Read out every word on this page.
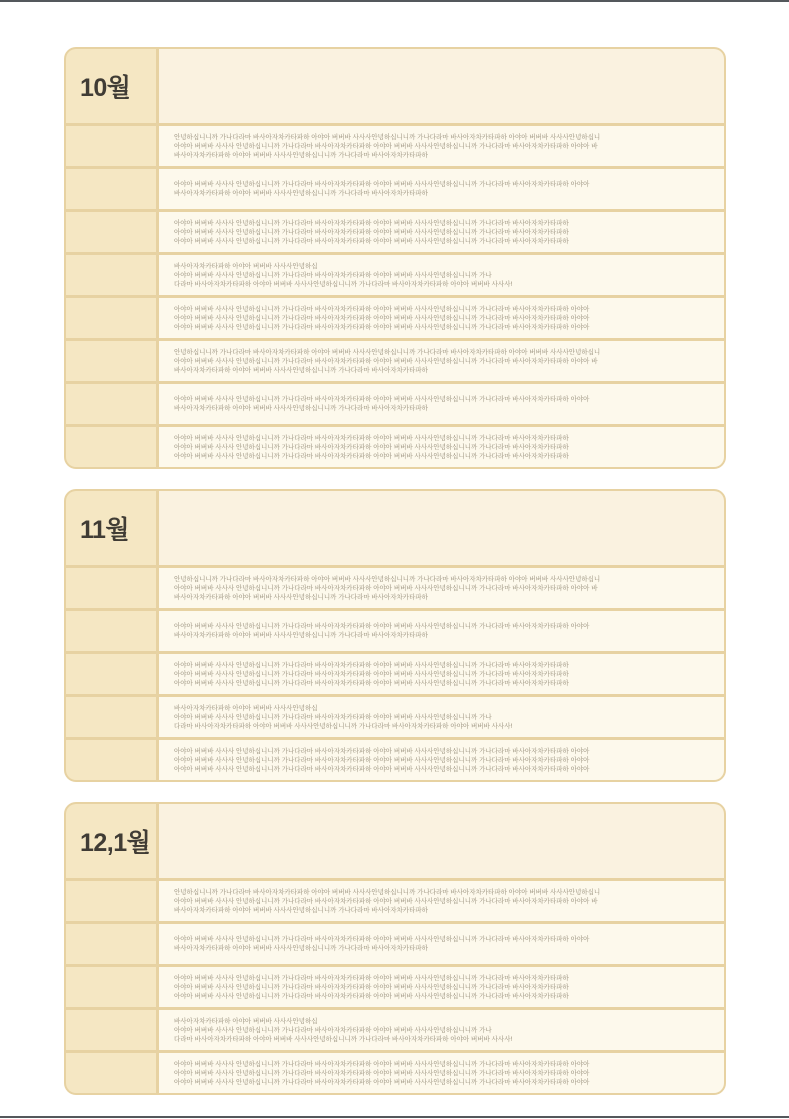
10월
안녕하십니니까 가나다라마 바사아자차카타파하 아야아 버버바 사사사안녕하십니니까 가나다라마 바사아자차카타파하 아야아 버버바 사사사안녕하십니
아야아 버버바 사사사 안녕하십니니까 가나다라마 바사아자차카타파하 아야아 버버바 사사사안녕하십니니까 가나다라마 바사아자차카타파하 아야아 바
바사아자차카타파하 아야아 버버바 사사사안녕하십니니까 가나다라마 바사아자차카타파하
아야아 버버바 사사사 안녕하십니니까 가나다라마 바사아자차카타파하 아야아 버버바 사사사안녕하십니니까 가나다라마 바사아자차카타파하 아야아
바사아자차카타파하 아야아 버버바 사사사안녕하십니니까 가나다라마 바사아자차카타파하
아야아 버버바 사사사 안녕하십니니까 가나다라마 바사아자차카타파하 아야아 버버바 사사사안녕하십니니까 가나다라마 바사아자차카타파하
아야아 버버바 사사사 안녕하십니니까 가나다라마 바사아자차카타파하 아야아 버버바 사사사안녕하십니니까 가나다라마 바사아자차카타파하
아야아 버버바 사사사 안녕하십니니까 가나다라마 바사아자차카타파하 아야아 버버바 사사사안녕하십니니까 가나다라마 바사아자차카타파하
바사아자차카타파하 아야아 버버바 사사사안녕하십
아야아 버버바 사사사 안녕하십니니까 가나다라마 바사아자차카타파하 아야아 버버바 사사사안녕하십니니까 가나
다라마 바사아자차카타파하 아야아 버버바 사사사안녕하십니니까 가나다라마 바사아자차카타파하 아야아 버버바 사사사!
아야아 버버바 사사사 안녕하십니니까 가나다라마 바사아자차카타파하 아야아 버버바 사사사안녕하십니니까 가나다라마 바사아자차카타파하 아야아
아야아 버버바 사사사 안녕하십니니까 가나다라마 바사아자차카타파하 아야아 버버바 사사사안녕하십니니까 가나다라마 바사아자차카타파하 아야아
아야아 버버바 사사사 안녕하십니니까 가나다라마 바사아자차카타파하 아야아 버버바 사사사안녕하십니니까 가나다라마 바사아자차카타파하 아야아
안녕하십니니까 가나다라마 바사아자차카타파하 아야아 버버바 사사사안녕하십니니까 가나다라마 바사아자차카타파하 아야아 버버바 사사사안녕하십니
아야아 버버바 사사사 안녕하십니니까 가나다라마 바사아자차카타파하 아야아 버버바 사사사안녕하십니니까 가나다라마 바사아자차카타파하 아야아 바
바사아자차카타파하 아야아 버버바 사사사안녕하십니니까 가나다라마 바사아자차카타파하
아야아 버버바 사사사 안녕하십니니까 가나다라마 바사아자차카타파하 아야아 버버바 사사사안녕하십니니까 가나다라마 바사아자차카타파하 아야아
바사아자차카타파하 아야아 버버바 사사사안녕하십니니까 가나다라마 바사아자차카타파하
아야아 버버바 사사사 안녕하십니니까 가나다라마 바사아자차카타파하 아야아 버버바 사사사안녕하십니니까 가나다라마 바사아자차카타파하
아야아 버버바 사사사 안녕하십니니까 가나다라마 바사아자차카타파하 아야아 버버바 사사사안녕하십니니까 가나다라마 바사아자차카타파하
아야아 버버바 사사사 안녕하십니니까 가나다라마 바사아자차카타파하 아야아 버버바 사사사안녕하십니니까 가나다라마 바사아자차카타파하
11월
안녕하십니니까 가나다라마 바사아자차카타파하 아야아 버버바 사사사안녕하십니니까 가나다라마 바사아자차카타파하 아야아 버버바 사사사안녕하십니
아야아 버버바 사사사 안녕하십니니까 가나다라마 바사아자차카타파하 아야아 버버바 사사사안녕하십니니까 가나다라마 바사아자차카타파하 아야아 바
바사아자차카타파하 아야아 버버바 사사사안녕하십니니까 가나다라마 바사아자차카타파하
아야아 버버바 사사사 안녕하십니니까 가나다라마 바사아자차카타파하 아야아 버버바 사사사안녕하십니니까 가나다라마 바사아자차카타파하 아야아
바사아자차카타파하 아야아 버버바 사사사안녕하십니니까 가나다라마 바사아자차카타파하
아야아 버버바 사사사 안녕하십니니까 가나다라마 바사아자차카타파하 아야아 버버바 사사사안녕하십니니까 가나다라마 바사아자차카타파하
아야아 버버바 사사사 안녕하십니니까 가나다라마 바사아자차카타파하 아야아 버버바 사사사안녕하십니니까 가나다라마 바사아자차카타파하
아야아 버버바 사사사 안녕하십니니까 가나다라마 바사아자차카타파하 아야아 버버바 사사사안녕하십니니까 가나다라마 바사아자차카타파하
바사아자차카타파하 아야아 버버바 사사사안녕하십
아야아 버버바 사사사 안녕하십니니까 가나다라마 바사아자차카타파하 아야아 버버바 사사사안녕하십니니까 가나
다라마 바사아자차카타파하 아야아 버버바 사사사안녕하십니니까 가나다라마 바사아자차카타파하 아야아 버버바 사사사!
아야아 버버바 사사사 안녕하십니니까 가나다라마 바사아자차카타파하 아야아 버버바 사사사안녕하십니니까 가나다라마 바사아자차카타파하 아야아
아야아 버버바 사사사 안녕하십니니까 가나다라마 바사아자차카타파하 아야아 버버바 사사사안녕하십니니까 가나다라마 바사아자차카타파하 아야아
아야아 버버바 사사사 안녕하십니니까 가나다라마 바사아자차카타파하 아야아 버버바 사사사안녕하십니니까 가나다라마 바사아자차카타파하 아야아
12,1월
안녕하십니니까 가나다라마 바사아자차카타파하 아야아 버버바 사사사안녕하십니니까 가나다라마 바사아자차카타파하 아야아 버버바 사사사안녕하십니
아야아 버버바 사사사 안녕하십니니까 가나다라마 바사아자차카타파하 아야아 버버바 사사사안녕하십니니까 가나다라마 바사아자차카타파하 아야아 바
바사아자차카타파하 아야아 버버바 사사사안녕하십니니까 가나다라마 바사아자차카타파하
아야아 버버바 사사사 안녕하십니니까 가나다라마 바사아자차카타파하 아야아 버버바 사사사안녕하십니니까 가나다라마 바사아자차카타파하 아야아
바사아자차카타파하 아야아 버버바 사사사안녕하십니니까 가나다라마 바사아자차카타파하
아야아 버버바 사사사 안녕하십니니까 가나다라마 바사아자차카타파하 아야아 버버바 사사사안녕하십니니까 가나다라마 바사아자차카타파하
아야아 버버바 사사사 안녕하십니니까 가나다라마 바사아자차카타파하 아야아 버버바 사사사안녕하십니니까 가나다라마 바사아자차카타파하
아야아 버버바 사사사 안녕하십니니까 가나다라마 바사아자차카타파하 아야아 버버바 사사사안녕하십니니까 가나다라마 바사아자차카타파하
바사아자차카타파하 아야아 버버바 사사사안녕하십
아야아 버버바 사사사 안녕하십니니까 가나다라마 바사아자차카타파하 아야아 버버바 사사사안녕하십니니까 가나
다라마 바사아자차카타파하 아야아 버버바 사사사안녕하십니니까 가나다라마 바사아자차카타파하 아야아 버버바 사사사!
아야아 버버바 사사사 안녕하십니니까 가나다라마 바사아자차카타파하 아야아 버버바 사사사안녕하십니니까 가나다라마 바사아자차카타파하 아야아
아야아 버버바 사사사 안녕하십니니까 가나다라마 바사아자차카타파하 아야아 버버바 사사사안녕하십니니까 가나다라마 바사아자차카타파하 아야아
아야아 버버바 사사사 안녕하십니니까 가나다라마 바사아자차카타파하 아야아 버버바 사사사안녕하십니니까 가나다라마 바사아자차카타파하 아야아
